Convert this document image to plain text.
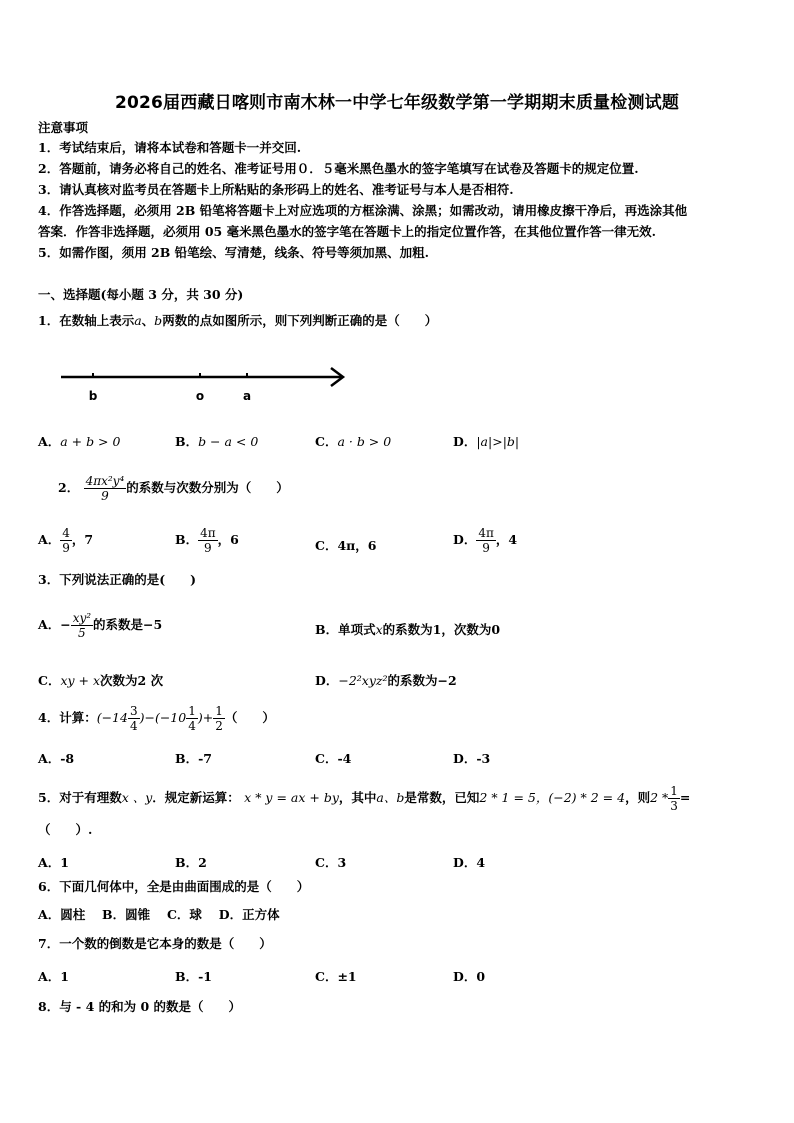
2026届西藏日喀则市南木林一中学七年级数学第一学期期末质量检测试题
注意事项
1．考试结束后，请将本试卷和答题卡一并交回.
2．答题前，请务必将自己的姓名、准考证号用０．５毫米黑色墨水的签字笔填写在试卷及答题卡的规定位置.
3．请认真核对监考员在答题卡上所粘贴的条形码上的姓名、准考证号与本人是否相符.
4．作答选择题，必须用 2B 铅笔将答题卡上对应选项的方框涂满、涂黑；如需改动，请用橡皮擦干净后，再选涂其他
答案．作答非选择题，必须用 05 毫米黑色墨水的签字笔在答题卡上的指定位置作答，在其他位置作答一律无效.
5．如需作图，须用 2B 铅笔绘、写清楚，线条、符号等须加黑、加粗.
一、选择题(每小题 3 分，共 30 分)
1．在数轴上表示a、b两数的点如图所示，则下列判断正确的是（　　）
b	o	a
A．a + b > 0	B．b − a < 0	C．a · b > 0	D．|a|>|b|
2． $\frac{\text{4πx²y⁴}}{9}$ 的系数与次数分别为（　　）
A． $\frac{4}{9}$ ，7	B． $\frac{4\pi}{9}$ ，6	C．4π，6	D． $\frac{4\pi}{9}$ ，4
3．下列说法正确的是(　　)
A．− $\frac{\text{xy²}}{5}$ 的系数是−5	B．单项式x的系数为1，次数为0
C．xy + x次数为2 次	D．−2²xyz²的系数为−2
4．计算：$(-14 \frac{3}{4} )-(-10 \frac{1}{4}$ )+ $\frac{1}{2}$ （　　）
A．-8	B．-7	C．-4	D．-3
5．对于有理数x 、y．规定新运算： x * y = ax + by，其中a、b是常数，已知2 * 1 = 5，(−2) * 2 = 4，则$2 * \frac{1}{3}$ =
（　　）.
A．1	B．2	C．3	D．4
6．下面几何体中，全是由曲面围成的是（　　）
A．圆柱　 B．圆锥　 C．球　 D．正方体
7．一个数的倒数是它本身的数是（　　）
A．1	B．-1	C．±1	D．0
8．与 - 4 的和为 0 的数是（　　）
